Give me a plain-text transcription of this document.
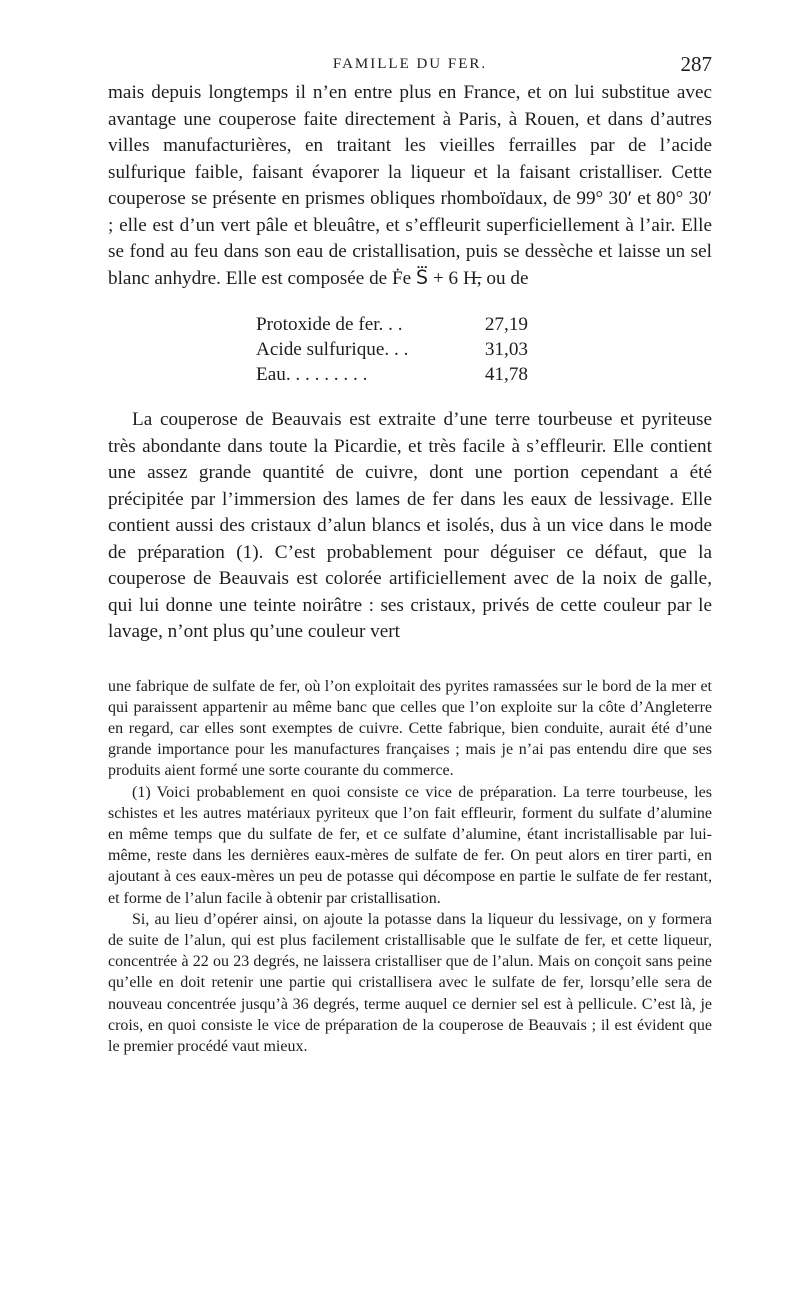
FAMILLE DU FER.	287

mais depuis longtemps il n’en entre plus en France, et on lui substitue avec avantage une couperose faite directement à Paris, à Rouen, et dans d’autres villes manufacturières, en traitant les vieilles ferrailles par de l’acide sulfurique faible, faisant évaporer la liqueur et la faisant cristalliser. Cette couperose se présente en prismes obliques rhomboïdaux, de 99° 30′ et 80° 30′ ; elle est d’un vert pâle et bleuâtre, et s’effleurit superficiellement à l’air. Elle se fond au feu dans son eau de cristallisation, puis se dessèche et laisse un sel blanc anhydre. Elle est composée de Ḟe S⃛ + 6 H̶, ou de

Protoxide de fer. . .	27,19
Acide sulfurique. . .	31,03
Eau. . . . . . . . .	41,78

La couperose de Beauvais est extraite d’une terre tourbeuse et pyriteuse très abondante dans toute la Picardie, et très facile à s’effleurir. Elle contient une assez grande quantité de cuivre, dont une portion cependant a été précipitée par l’immersion des lames de fer dans les eaux de lessivage. Elle contient aussi des cristaux d’alun blancs et isolés, dus à un vice dans le mode de préparation (1). C’est probablement pour déguiser ce défaut, que la couperose de Beauvais est colorée artificiellement avec de la noix de galle, qui lui donne une teinte noirâtre : ses cristaux, privés de cette couleur par le lavage, n’ont plus qu’une couleur vert

une fabrique de sulfate de fer, où l’on exploitait des pyrites ramassées sur le bord de la mer et qui paraissent appartenir au même banc que celles que l’on exploite sur la côte d’Angleterre en regard, car elles sont exemptes de cuivre. Cette fabrique, bien conduite, aurait été d’une grande importance pour les manufactures françaises ; mais je n’ai pas entendu dire que ses produits aient formé une sorte courante du commerce.

(1) Voici probablement en quoi consiste ce vice de préparation. La terre tourbeuse, les schistes et les autres matériaux pyriteux que l’on fait effleurir, forment du sulfate d’alumine en même temps que du sulfate de fer, et ce sulfate d’alumine, étant incristallisable par lui-même, reste dans les dernières eaux-mères de sulfate de fer. On peut alors en tirer parti, en ajoutant à ces eaux-mères un peu de potasse qui décompose en partie le sulfate de fer restant, et forme de l’alun facile à obtenir par cristallisation.

Si, au lieu d’opérer ainsi, on ajoute la potasse dans la liqueur du lessivage, on y formera de suite de l’alun, qui est plus facilement cristallisable que le sulfate de fer, et cette liqueur, concentrée à 22 ou 23 degrés, ne laissera cristalliser que de l’alun. Mais on conçoit sans peine qu’elle en doit retenir une partie qui cristallisera avec le sulfate de fer, lorsqu’elle sera de nouveau concentrée jusqu’à 36 degrés, terme auquel ce dernier sel est à pellicule. C’est là, je crois, en quoi consiste le vice de préparation de la couperose de Beauvais ; il est évident que le premier procédé vaut mieux.
